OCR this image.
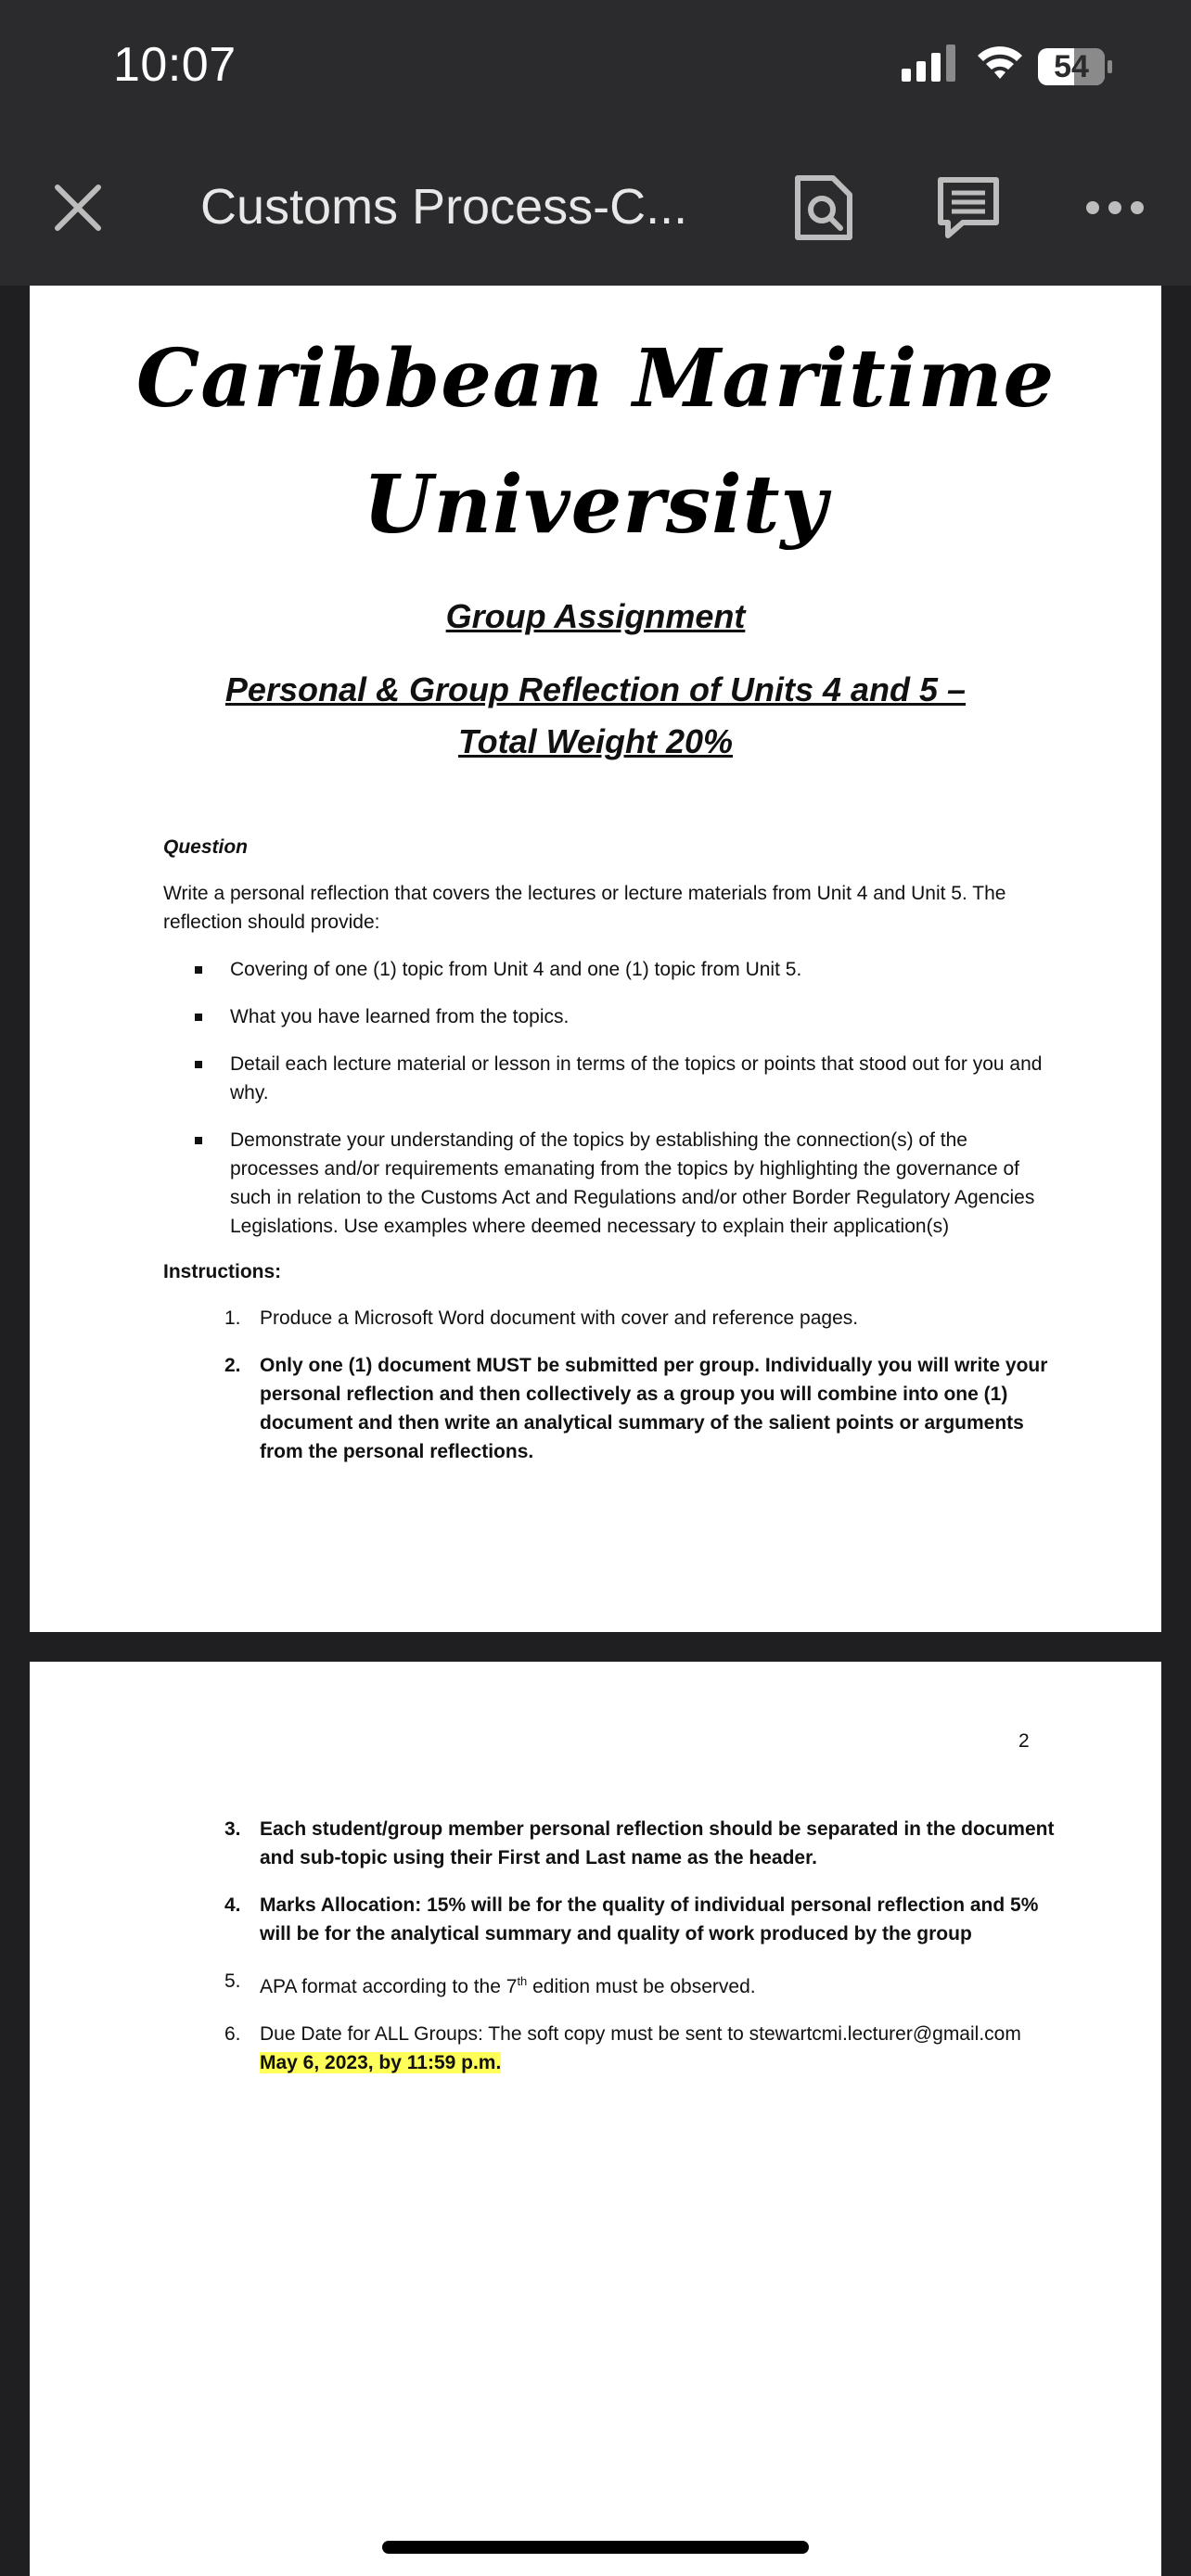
10:07	54
Customs Process-C...
Caribbean Maritime
University
Group Assignment
Personal & Group Reflection of Units 4 and 5 – Total Weight 20%
Question
Write a personal reflection that covers the lectures or lecture materials from Unit 4 and Unit 5. The reflection should provide:
Covering of one (1) topic from Unit 4 and one (1) topic from Unit 5.
What you have learned from the topics.
Detail each lecture material or lesson in terms of the topics or points that stood out for you and why.
Demonstrate your understanding of the topics by establishing the connection(s) of the processes and/or requirements emanating from the topics by highlighting the governance of such in relation to the Customs Act and Regulations and/or other Border Regulatory Agencies Legislations. Use examples where deemed necessary to explain their application(s)
Instructions:
1. Produce a Microsoft Word document with cover and reference pages.
2. Only one (1) document MUST be submitted per group. Individually you will write your personal reflection and then collectively as a group you will combine into one (1) document and then write an analytical summary of the salient points or arguments from the personal reflections.
2
3. Each student/group member personal reflection should be separated in the document and sub-topic using their First and Last name as the header.
4. Marks Allocation: 15% will be for the quality of individual personal reflection and 5% will be for the analytical summary and quality of work produced by the group
5. APA format according to the 7th edition must be observed.
6. Due Date for ALL Groups: The soft copy must be sent to stewartcmi.lecturer@gmail.com
May 6, 2023, by 11:59 p.m.
